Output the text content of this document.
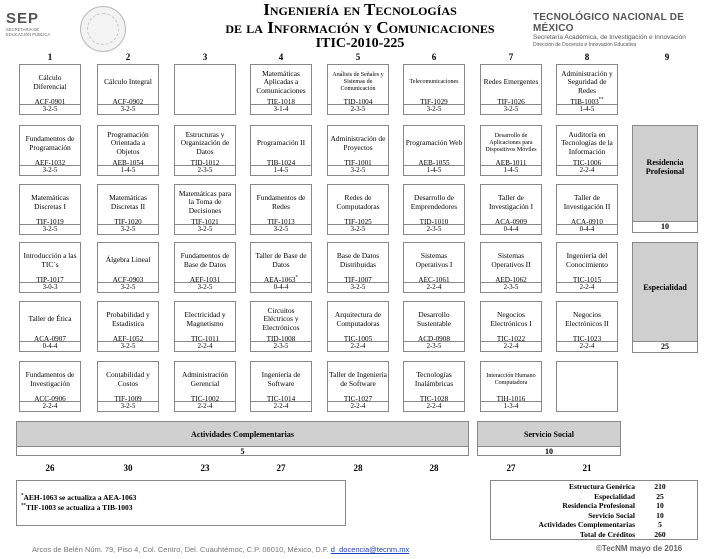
SEP
SECRETARÍA DE
EDUCACIÓN PÚBLICA
Ingeniería en Tecnologías
de la Información y Comunicaciones
ITIC-2010-225
TECNOLÓGICO NACIONAL DE MÉXICO
Secretaría Académica, de Investigación e Innovación
Dirección de Docencia e Innovación Educativa
1	2	3	4	5	6	7	8	9
Cálculo Diferencial
ACF-0901
3-2-5
Cálculo Integral
ACF-0902
3-2-5
Matemáticas Aplicadas a Comunicaciones
TIE-1018
3-1-4
Análisis de Señales y Sistemas de Comunicación
TID-1004
2-3-5
Telecomunicaciones
TIF-1029
3-2-5
Redes Emergentes
TIF-1026
3-2-5
Administración y Seguridad de Redes
TIB-1003**
1-4-5
Fundamentos de Programación
AEF-1032
3-2-5
Programación Orientada a Objetos
AEB-1054
1-4-5
Estructuras y Organización de Datos
TID-1012
2-3-5
Programación II
TIB-1024
1-4-5
Administración de Proyectos
TIF-1001
3-2-5
Programación Web
AEB-1055
1-4-5
Desarrollo de Aplicaciones para Dispositivos Móviles
AEB-1011
1-4-5
Auditoría en Tecnologías de la Información
TIC-1006
2-2-4
Matemáticas Discretas I
TIF-1019
3-2-5
Matemáticas Discretas II
TIF-1020
3-2-5
Matemáticas para la Toma de Decisiones
TIF-1021
3-2-5
Fundamentos de Redes
TIF-1013
3-2-5
Redes de Computadoras
TIF-1025
3-2-5
Desarrollo de Emprendedores
TID-1010
2-3-5
Taller de Investigación I
ACA-0909
0-4-4
Taller de Investigación II
ACA-0910
0-4-4
Introducción a las TIC´s
TIP-1017
3-0-3
Álgebra Lineal
ACF-0903
3-2-5
Fundamentos de Base de Datos
AEF-1031
3-2-5
Taller de Base de Datos
AEA-1063*
0-4-4
Base de Datos Distribuidas
TIF-1007
3-2-5
Sistemas Operativos I
AEC-1061
2-2-4
Sistemas Operativos II
AED-1062
2-3-5
Ingeniería del Conocimiento
TIC-1015
2-2-4
Taller de Ética
ACA-0907
0-4-4
Probabilidad y Estadística
AEF-1052
3-2-5
Electricidad y Magnetismo
TIC-1011
2-2-4
Circuitos Eléctricos y Electrónicos
TID-1008
2-3-5
Arquitectura de Computadoras
TIC-1005
2-2-4
Desarrollo Sustentable
ACD-0908
2-3-5
Negocios Electrónicos I
TIC-1022
2-2-4
Negocios Electrónicos II
TIC-1023
2-2-4
Fundamentos de Investigación
ACC-0906
2-2-4
Contabilidad y Costos
TIF-1009
3-2-5
Administración Gerencial
TIC-1002
2-2-4
Ingeniería de Software
TIC-1014
2-2-4
Taller de Ingeniería de Software
TIC-1027
2-2-4
Tecnologías Inalámbricas
TIC-1028
2-2-4
Interacción Humano Computadora
TIH-1016
1-3-4
Residencia Profesional
10
Especialidad
25
Actividades Complementarias
5
Servicio Social
10
26	30	23	27	28	28	27	21
*AEH-1063 se actualiza a AEA-1063
**TIF-1003 se actualiza a TIB-1003
Estructura Genérica	210
Especialidad	25
Residencia Profesional	10
Servicio Social	10
Actividades Complementarias	5
Total de Créditos	260
Arcos de Belén Núm. 79, Piso 4, Col. Centro, Del. Cuauhtémoc, C.P. 06010, México, D.F. d_docencia@tecnm.mx	©TecNM mayo de 2016
